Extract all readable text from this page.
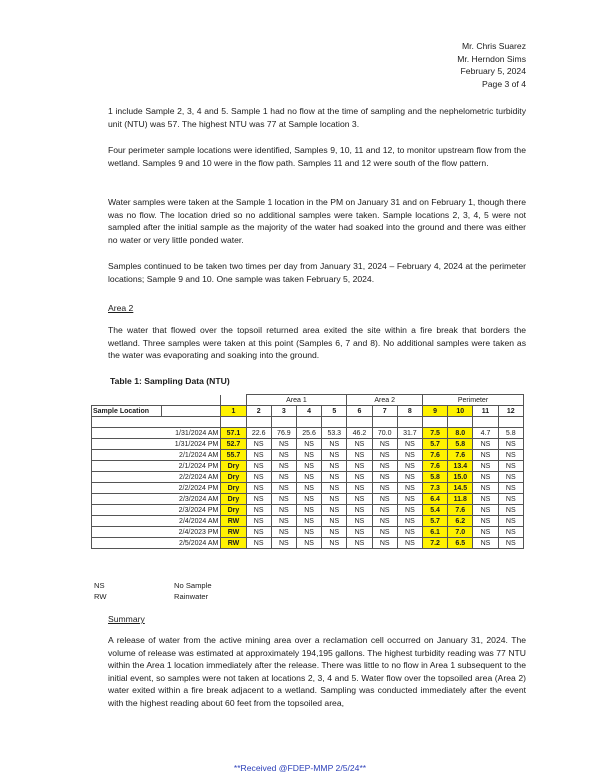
Mr. Chris Suarez
Mr. Herndon Sims
February 5, 2024
Page 3 of 4

1 include Sample 2, 3, 4 and 5. Sample 1 had no flow at the time of sampling and the nephelometric turbidity unit (NTU) was 57. The highest NTU was 77 at Sample location 3.

Four perimeter sample locations were identified, Samples 9, 10, 11 and 12, to monitor upstream flow from the wetland. Samples 9 and 10 were in the flow path. Samples 11 and 12 were south of the flow pattern.

Water samples were taken at the Sample 1 location in the PM on January 31 and on February 1, though there was no flow. The location dried so no additional samples were taken. Sample locations 2, 3, 4, 5 were not sampled after the initial sample as the majority of the water had soaked into the ground and there was either no water or very little ponded water.

Samples continued to be taken two times per day from January 31, 2024 – February 4, 2024 at the perimeter locations; Sample 9 and 10. One sample was taken February 5, 2024.

Area 2

The water that flowed over the topsoil returned area exited the site within a fire break that borders the wetland. Three samples were taken at this point (Samples 6, 7 and 8). No additional samples were taken as the water was evaporating and soaking into the ground.

Table 1: Sampling Data (NTU)

			Area 1				Area 2			Perimeter			
Sample Location		1	2	3	4	5	6	7	8	9	10	11	12

	1/31/2024 AM	57.1	22.6	76.9	25.6	53.3	46.2	70.0	31.7	7.5	8.0	4.7	5.8
	1/31/2024 PM	52.7	NS	NS	NS	NS	NS	NS	NS	5.7	5.8	NS	NS
	2/1/2024 AM	55.7	NS	NS	NS	NS	NS	NS	NS	7.6	7.6	NS	NS
	2/1/2024 PM	Dry	NS	NS	NS	NS	NS	NS	NS	7.6	13.4	NS	NS
	2/2/2024 AM	Dry	NS	NS	NS	NS	NS	NS	NS	5.8	15.0	NS	NS
	2/2/2024 PM	Dry	NS	NS	NS	NS	NS	NS	NS	7.3	14.5	NS	NS
	2/3/2024 AM	Dry	NS	NS	NS	NS	NS	NS	NS	6.4	11.8	NS	NS
	2/3/2024 PM	Dry	NS	NS	NS	NS	NS	NS	NS	5.4	7.6	NS	NS
	2/4/2024 AM	RW	NS	NS	NS	NS	NS	NS	NS	5.7	6.2	NS	NS
	2/4/2023 PM	RW	NS	NS	NS	NS	NS	NS	NS	6.1	7.0	NS	NS
	2/5/2024 AM	RW	NS	NS	NS	NS	NS	NS	NS	7.2	6.5	NS	NS
NS	No Sample
RW	Rainwater

Summary

A release of water from the active mining area over a reclamation cell occurred on January 31, 2024. The volume of release was estimated at approximately 194,195 gallons. The highest turbidity reading was 77 NTU within the Area 1 location immediately after the release. There was little to no flow in Area 1 subsequent to the initial event, so samples were not taken at locations 2, 3, 4 and 5. Water flow over the topsoiled area (Area 2) water exited within a fire break adjacent to a wetland. Sampling was conducted immediately after the event with the highest reading about 60 feet from the topsoiled area,

**Received @FDEP-MMP 2/5/24**
